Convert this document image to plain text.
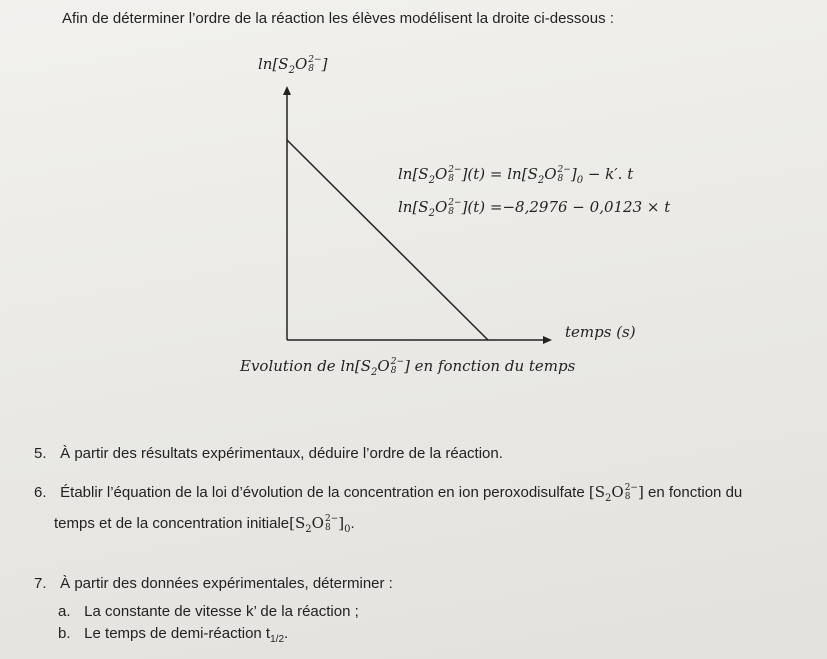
Afin de déterminer l’ordre de la réaction les élèves modélisent la droite ci-dessous :
$\ln[S_2O$ 2−
8 ]
$\ln[S_2O$ 2−
8 ]$(t) = \ln[S_2O$ 2−
8 ]$_0 - k'$. t
$\ln[S_2O$ 2−
8 ](t) =−8,2976 − 0,0123 × t
temps (s)
Evolution de $\ln[S_2O$ 2−
8 ] en fonction du temps
5. À partir des résultats expérimentaux, déduire l’ordre de la réaction.
6. Établir l’équation de la loi d’évolution de la concentration en ion peroxodisulfate [$S_2O$ 2−
8 ] en fonction du
temps et de la concentration $initiale[S_2O$ 2−
8 ]$_0$.
7. À partir des données expérimentales, déterminer :
a. La constante de vitesse k’ de la réaction ;
b. Le temps de demi-réaction $t_{1/2}$.
